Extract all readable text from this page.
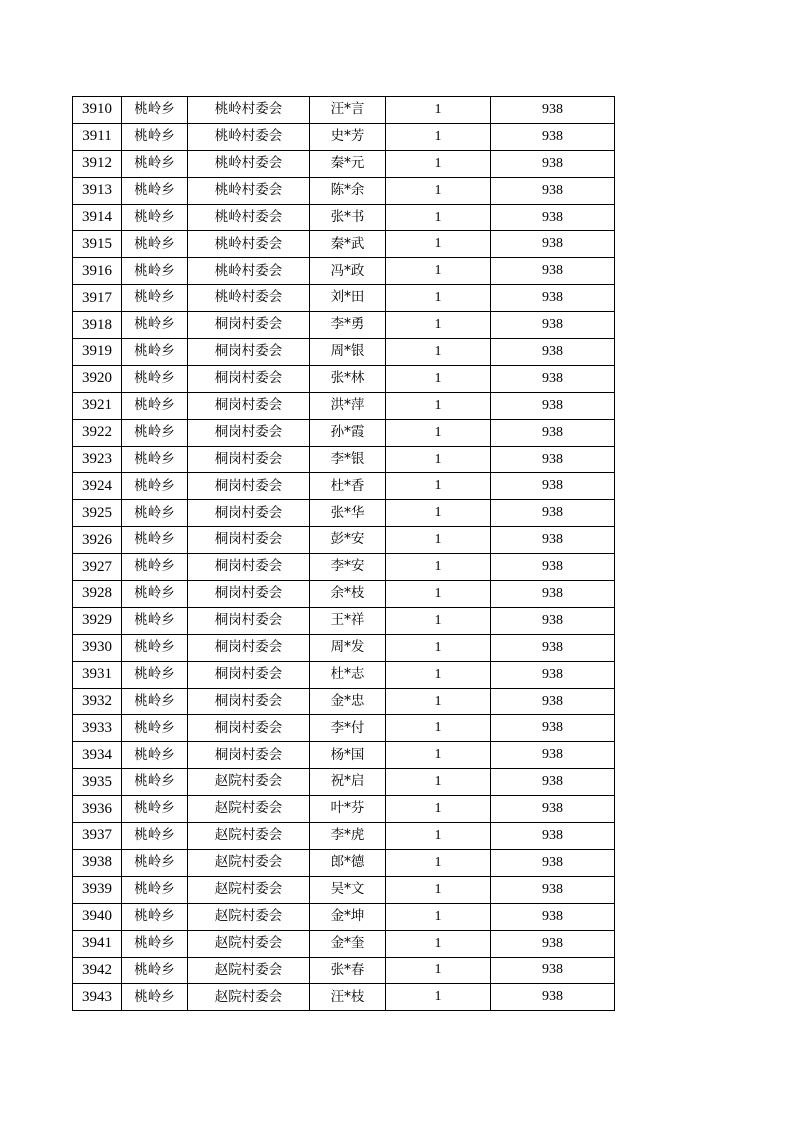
3910	桃岭乡	桃岭村委会	汪*言	1	938
3911	桃岭乡	桃岭村委会	史*芳	1	938
3912	桃岭乡	桃岭村委会	秦*元	1	938
3913	桃岭乡	桃岭村委会	陈*余	1	938
3914	桃岭乡	桃岭村委会	张*书	1	938
3915	桃岭乡	桃岭村委会	秦*武	1	938
3916	桃岭乡	桃岭村委会	冯*政	1	938
3917	桃岭乡	桃岭村委会	刘*田	1	938
3918	桃岭乡	桐岗村委会	李*勇	1	938
3919	桃岭乡	桐岗村委会	周*银	1	938
3920	桃岭乡	桐岗村委会	张*林	1	938
3921	桃岭乡	桐岗村委会	洪*萍	1	938
3922	桃岭乡	桐岗村委会	孙*霞	1	938
3923	桃岭乡	桐岗村委会	李*银	1	938
3924	桃岭乡	桐岗村委会	杜*香	1	938
3925	桃岭乡	桐岗村委会	张*华	1	938
3926	桃岭乡	桐岗村委会	彭*安	1	938
3927	桃岭乡	桐岗村委会	李*安	1	938
3928	桃岭乡	桐岗村委会	余*枝	1	938
3929	桃岭乡	桐岗村委会	王*祥	1	938
3930	桃岭乡	桐岗村委会	周*发	1	938
3931	桃岭乡	桐岗村委会	杜*志	1	938
3932	桃岭乡	桐岗村委会	金*忠	1	938
3933	桃岭乡	桐岗村委会	李*付	1	938
3934	桃岭乡	桐岗村委会	杨*国	1	938
3935	桃岭乡	赵院村委会	祝*启	1	938
3936	桃岭乡	赵院村委会	叶*芬	1	938
3937	桃岭乡	赵院村委会	李*虎	1	938
3938	桃岭乡	赵院村委会	郎*德	1	938
3939	桃岭乡	赵院村委会	吴*文	1	938
3940	桃岭乡	赵院村委会	金*坤	1	938
3941	桃岭乡	赵院村委会	金*奎	1	938
3942	桃岭乡	赵院村委会	张*春	1	938
3943	桃岭乡	赵院村委会	汪*枝	1	938
